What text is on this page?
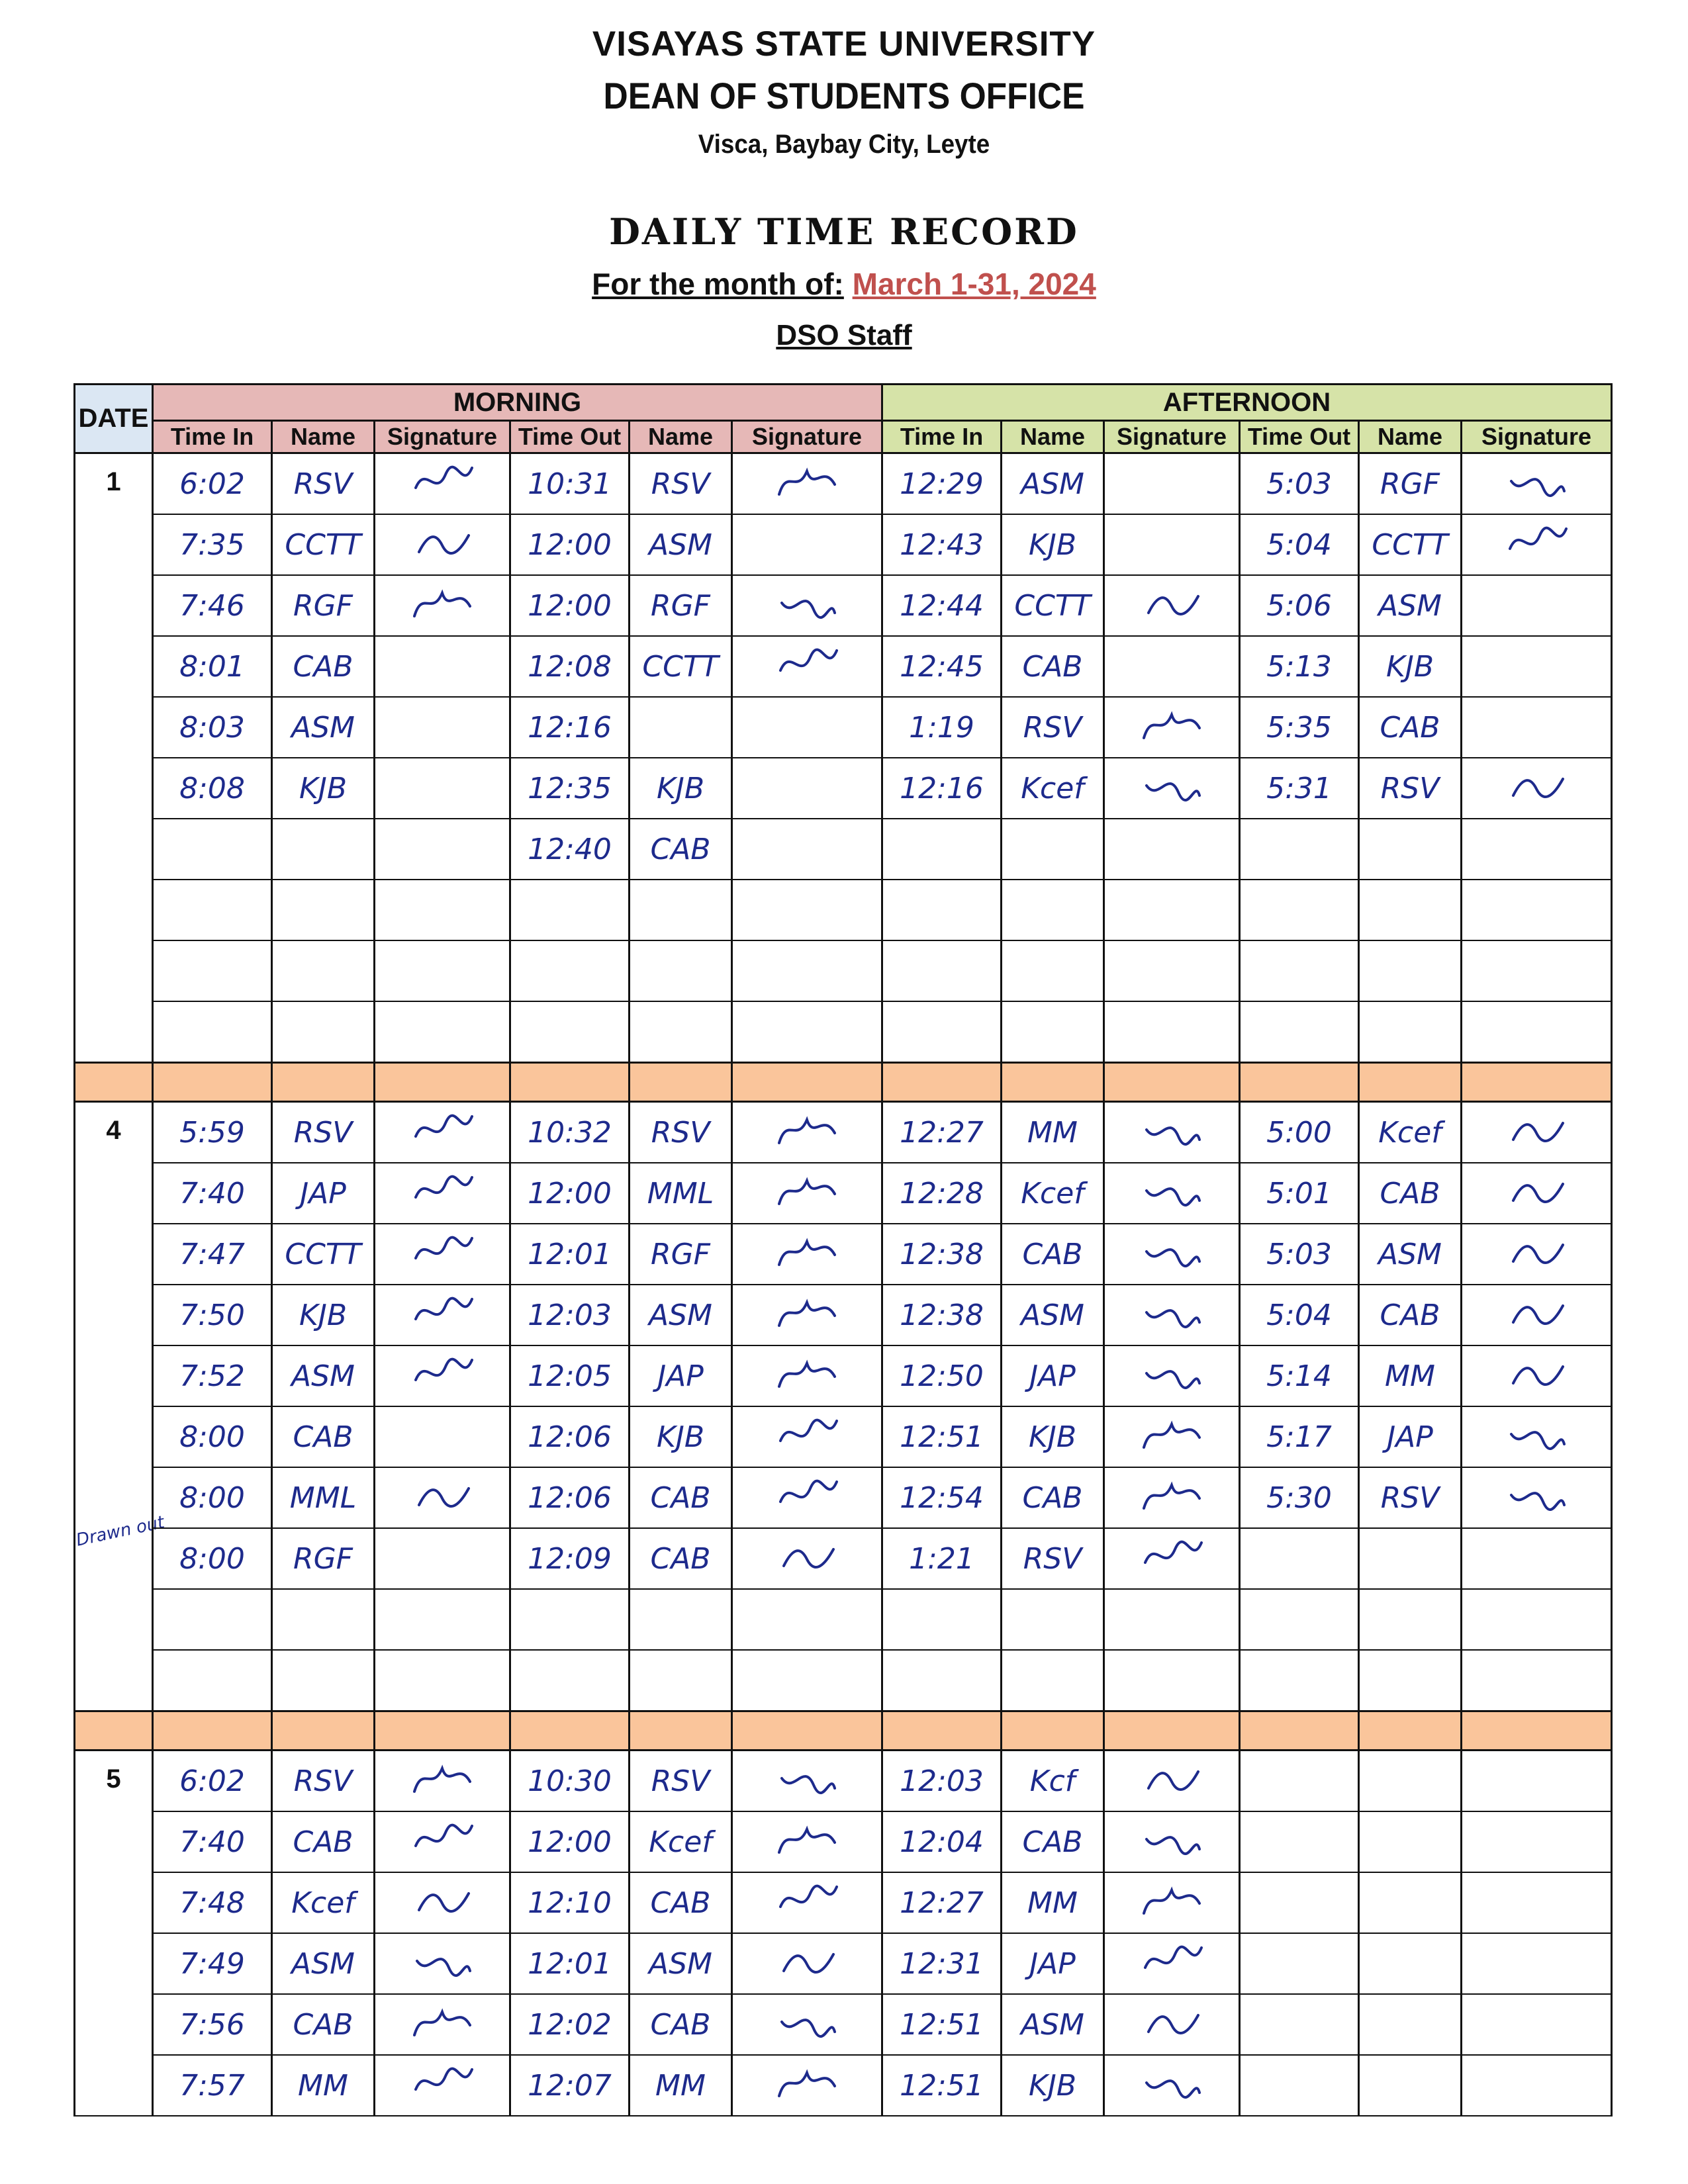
VISAYAS STATE UNIVERSITY
DEAN OF STUDENTS OFFICE
Visca, Baybay City, Leyte
DAILY TIME RECORD
For the month of: March 1-31, 2024
DSO Staff
Drawn out
DATE	MORNING						AFTERNOON					
	Time In	Name	Signature	Time Out	Name	Signature	Time In	Name	Signature	Time Out	Name	Signature
1	6:02	RSV		10:31	RSV		12:29	ASM		5:03	RGF	
	7:35	CCTT		12:00	ASM		12:43	KJB		5:04	CCTT	
	7:46	RGF		12:00	RGF		12:44	CCTT		5:06	ASM	
	8:01	CAB		12:08	CCTT		12:45	CAB		5:13	KJB	
	8:03	ASM		12:16			1:19	RSV		5:35	CAB	
	8:08	KJB		12:35	KJB		12:16	Kcef		5:31	RSV	
				12:40	CAB							

4	5:59	RSV		10:32	RSV		12:27	MM		5:00	Kcef	
	7:40	JAP		12:00	MML		12:28	Kcef		5:01	CAB	
	7:47	CCTT		12:01	RGF		12:38	CAB		5:03	ASM	
	7:50	KJB		12:03	ASM		12:38	ASM		5:04	CAB	
	7:52	ASM		12:05	JAP		12:50	JAP		5:14	MM	
	8:00	CAB		12:06	KJB		12:51	KJB		5:17	JAP	
	8:00	MML		12:06	CAB		12:54	CAB		5:30	RSV	
	8:00	RGF		12:09	CAB		1:21	RSV				

5	6:02	RSV		10:30	RSV		12:03	Kcf				
	7:40	CAB		12:00	Kcef		12:04	CAB				
	7:48	Kcef		12:10	CAB		12:27	MM				
	7:49	ASM		12:01	ASM		12:31	JAP				
	7:56	CAB		12:02	CAB		12:51	ASM				
	7:57	MM		12:07	MM		12:51	KJB				
